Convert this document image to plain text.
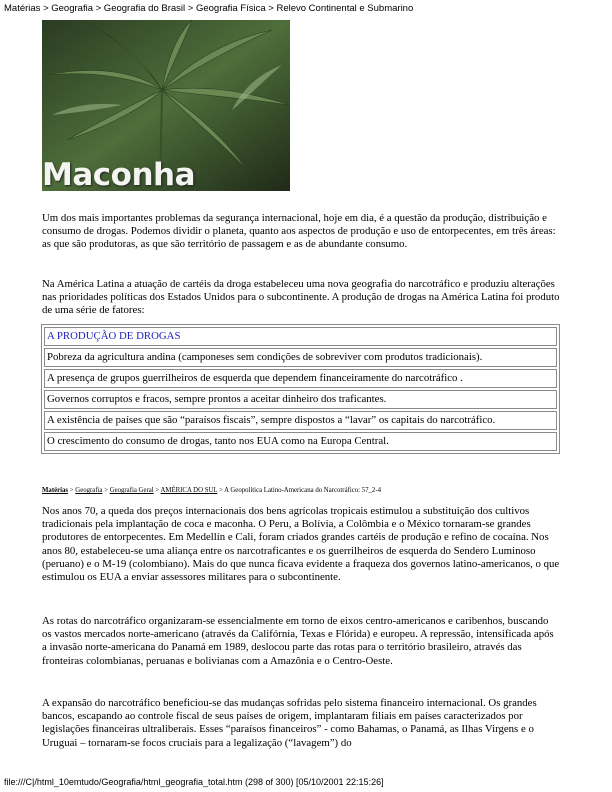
Matérias > Geografia > Geografia do Brasil > Geografia Física > Relevo Continental e Submarino
Maconha

Um dos mais importantes problemas da segurança internacional, hoje em dia, é a questão da produção, distribuição e consumo de drogas. Podemos dividir o planeta, quanto aos aspectos de produção e uso de entorpecentes, em três áreas: as que são produtoras, as que são território de passagem e as de abundante consumo.

Na América Latina a atuação de cartéis da droga estabeleceu uma nova geografia do narcotráfico e produziu alterações nas prioridades políticas dos Estados Unidos para o subcontinente. A produção de drogas na América Latina foi produto de uma série de fatores:

A PRODUÇÃO DE DROGAS
Pobreza da agricultura andina (camponeses sem condições de sobreviver com produtos tradicionais).
A presença de grupos guerrilheiros de esquerda que dependem financeiramente do narcotráfico .
Governos corruptos e fracos, sempre prontos a aceitar dinheiro dos traficantes.
A existência de países que são “paraísos fiscais”, sempre dispostos a “lavar” os capitais do narcotráfico.
O crescimento do consumo de drogas, tanto nos EUA como na Europa Central.
Matérias > Geografia > Geografia Geral > AMÉRICA DO SUL > A Geopolítica Latino-Americana do Narcotráfico: 57_2-4

Nos anos 70, a queda dos preços internacionais dos bens agrícolas tropicais estimulou a substituição dos cultivos tradicionais pela implantação de coca e maconha. O Peru, a Bolívia, a Colômbia e o México tornaram-se grandes produtores de entorpecentes. Em Medellín e Cali, foram criados grandes cartéis de produção e refino de cocaína. Nos anos 80, estabeleceu-se uma aliança entre os narcotraficantes e os guerrilheiros de esquerda do Sendero Luminoso (peruano) e o M-19 (colombiano). Mais do que nunca ficava evidente a fraqueza dos governos latino-americanos, o que estimulou os EUA a enviar assessores militares para o subcontinente.

As rotas do narcotráfico organizaram-se essencialmente em torno de eixos centro-americanos e caribenhos, buscando os vastos mercados norte-americano (através da Califórnia, Texas e Flórida) e europeu. A repressão, intensificada após a invasão norte-americana do Panamá em 1989, deslocou parte das rotas para o território brasileiro, através das fronteiras colombianas, peruanas e bolivianas com a Amazônia e o Centro-Oeste.

A expansão do narcotráfico beneficiou-se das mudanças sofridas pelo sistema financeiro internacional. Os grandes bancos, escapando ao controle fiscal de seus países de origem, implantaram filiais em países caracterizados por legislações financeiras ultraliberais. Esses “paraísos financeiros” - como Bahamas, o Panamá, as Ilhas Virgens e o Uruguai – tornaram-se focos cruciais para a legalização (“lavagem”) do

file:///C|/html_10emtudo/Geografia/html_geografia_total.htm (298 of 300) [05/10/2001 22:15:26]
